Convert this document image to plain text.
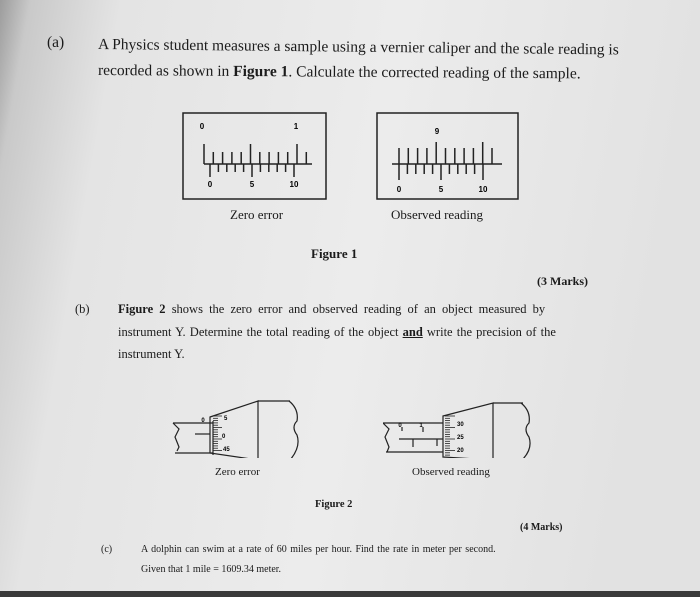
(a) A Physics student measures a sample using a vernier caliper and the scale reading is
recorded as shown in Figure 1. Calculate the corrected reading of the sample.
0	1
0	5	10
9
0	5	10
Zero error	Observed reading
Figure 1
(3 Marks)
(b) Figure 2 shows the zero error and observed reading of an object measured by
instrument Y. Determine the total reading of the object and write the precision of the
instrument Y.
0	5
0
45
0	1	30
25
20
Zero error	Observed reading
Figure 2
(4 Marks)
(c)	A dolphin can swim at a rate of 60 miles per hour. Find the rate in meter per second.
Given that 1 mile = 1609.34 meter.
